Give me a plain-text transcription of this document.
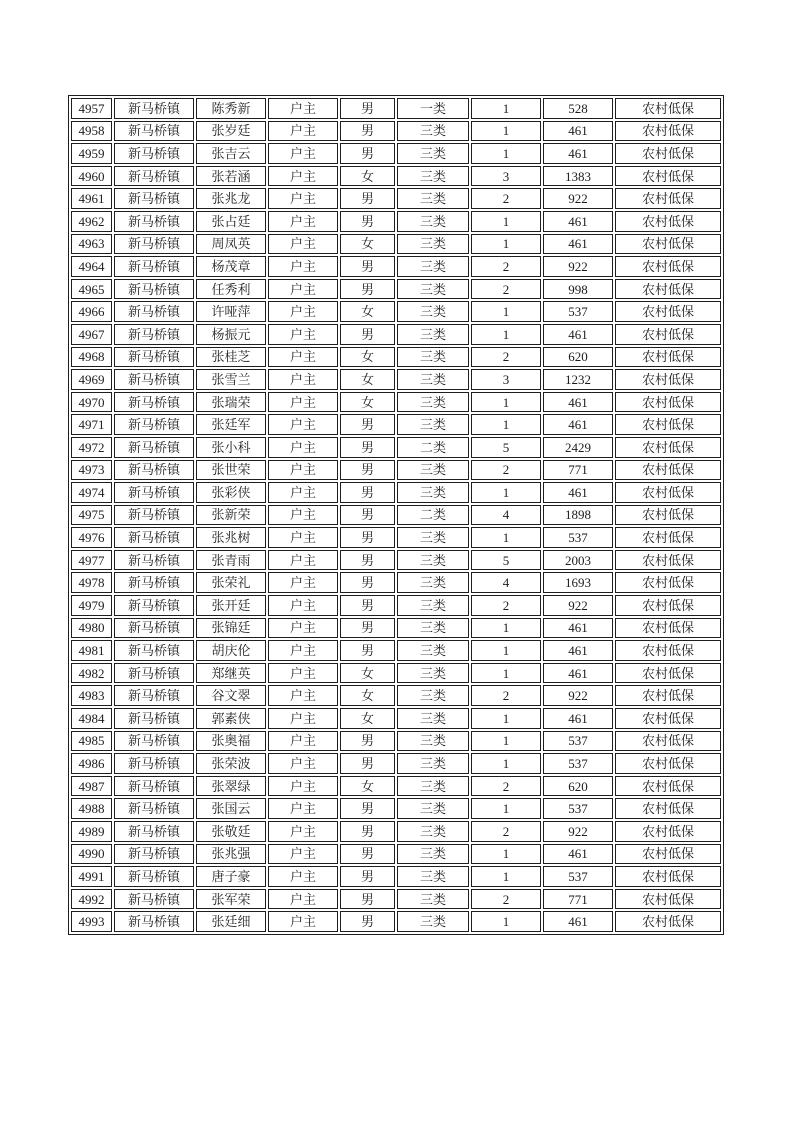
4957	新马桥镇	陈秀新	户主	男	一类	1	528	农村低保
4958	新马桥镇	张岁廷	户主	男	三类	1	461	农村低保
4959	新马桥镇	张吉云	户主	男	三类	1	461	农村低保
4960	新马桥镇	张若涵	户主	女	三类	3	1383	农村低保
4961	新马桥镇	张兆龙	户主	男	三类	2	922	农村低保
4962	新马桥镇	张占廷	户主	男	三类	1	461	农村低保
4963	新马桥镇	周凤英	户主	女	三类	1	461	农村低保
4964	新马桥镇	杨茂章	户主	男	三类	2	922	农村低保
4965	新马桥镇	任秀利	户主	男	三类	2	998	农村低保
4966	新马桥镇	许哑萍	户主	女	三类	1	537	农村低保
4967	新马桥镇	杨振元	户主	男	三类	1	461	农村低保
4968	新马桥镇	张桂芝	户主	女	三类	2	620	农村低保
4969	新马桥镇	张雪兰	户主	女	三类	3	1232	农村低保
4970	新马桥镇	张瑞荣	户主	女	三类	1	461	农村低保
4971	新马桥镇	张廷军	户主	男	三类	1	461	农村低保
4972	新马桥镇	张小科	户主	男	二类	5	2429	农村低保
4973	新马桥镇	张世荣	户主	男	三类	2	771	农村低保
4974	新马桥镇	张彩侠	户主	男	三类	1	461	农村低保
4975	新马桥镇	张新荣	户主	男	二类	4	1898	农村低保
4976	新马桥镇	张兆树	户主	男	三类	1	537	农村低保
4977	新马桥镇	张青雨	户主	男	三类	5	2003	农村低保
4978	新马桥镇	张荣礼	户主	男	三类	4	1693	农村低保
4979	新马桥镇	张开廷	户主	男	三类	2	922	农村低保
4980	新马桥镇	张锦廷	户主	男	三类	1	461	农村低保
4981	新马桥镇	胡庆伦	户主	男	三类	1	461	农村低保
4982	新马桥镇	郑继英	户主	女	三类	1	461	农村低保
4983	新马桥镇	谷文翠	户主	女	三类	2	922	农村低保
4984	新马桥镇	郭素侠	户主	女	三类	1	461	农村低保
4985	新马桥镇	张奥福	户主	男	三类	1	537	农村低保
4986	新马桥镇	张荣波	户主	男	三类	1	537	农村低保
4987	新马桥镇	张翠绿	户主	女	三类	2	620	农村低保
4988	新马桥镇	张国云	户主	男	三类	1	537	农村低保
4989	新马桥镇	张敬廷	户主	男	三类	2	922	农村低保
4990	新马桥镇	张兆强	户主	男	三类	1	461	农村低保
4991	新马桥镇	唐子豪	户主	男	三类	1	537	农村低保
4992	新马桥镇	张军荣	户主	男	三类	2	771	农村低保
4993	新马桥镇	张廷细	户主	男	三类	1	461	农村低保
